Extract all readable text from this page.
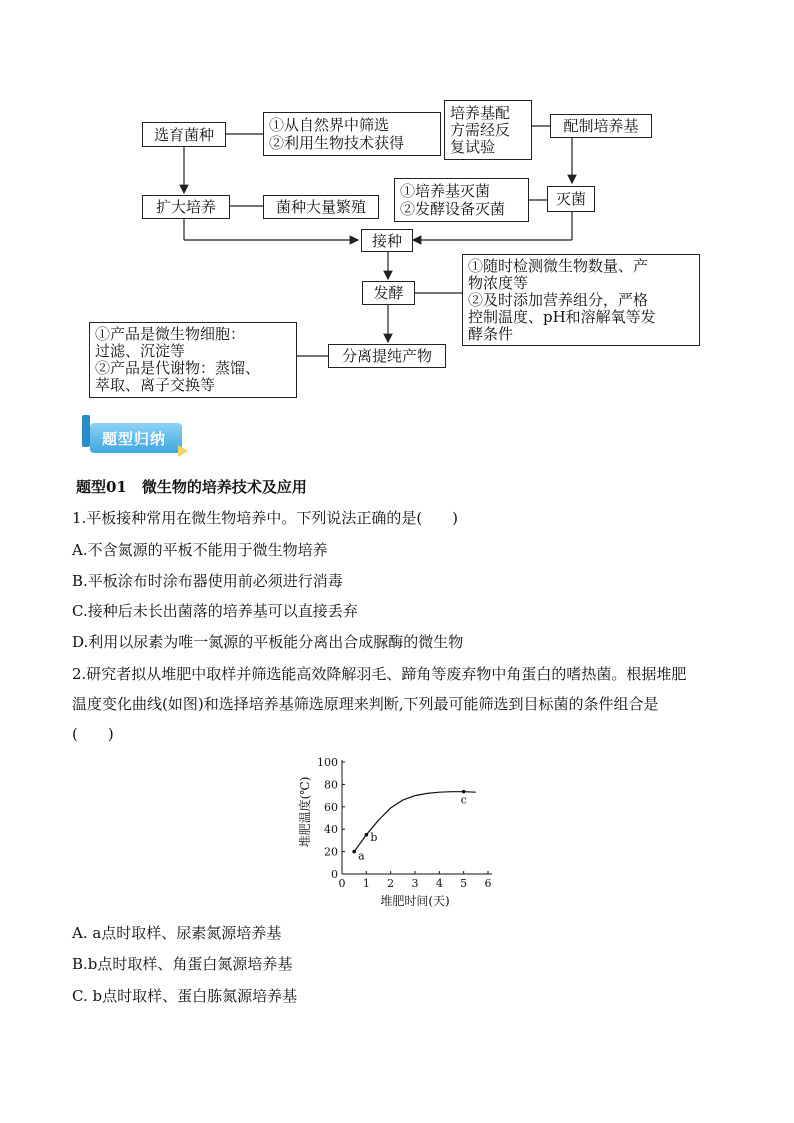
选育菌种
①从自然界中筛选
②利用生物技术获得
培养基配
方需经反
复试验
配制培养基
扩大培养	菌种大量繁殖
①培养基灭菌
②发酵设备灭菌
灭菌
接种
①随时检测微生物数量、产
物浓度等
②及时添加营养组分，严格
控制温度、pH和溶解氧等发
酵条件
发酵
①产品是微生物细胞：
过滤、沉淀等
②产品是代谢物：蒸馏、
萃取、离子交换等
分离提纯产物
题型归纳
题型01　微生物的培养技术及应用
1.平板接种常用在微生物培养中。下列说法正确的是(　　)
A.不含氮源的平板不能用于微生物培养
B.平板涂布时涂布器使用前必须进行消毒
C.接种后未长出菌落的培养基可以直接丢弃
D.利用以尿素为唯一氮源的平板能分离出合成脲酶的微生物
2.研究者拟从堆肥中取样并筛选能高效降解羽毛、蹄角等废弃物中角蛋白的嗜热菌。根据堆肥
温度变化曲线(如图)和选择培养基筛选原理来判断,下列最可能筛选到目标菌的条件组合是
(　　)
0 1 2 3 4 5 6
0
20
40
60
80
100
a
b
c
堆肥时间(天)
堆肥温度(℃)
A. a点时取样、尿素氮源培养基
B.b点时取样、角蛋白氮源培养基
C. b点时取样、蛋白胨氮源培养基
